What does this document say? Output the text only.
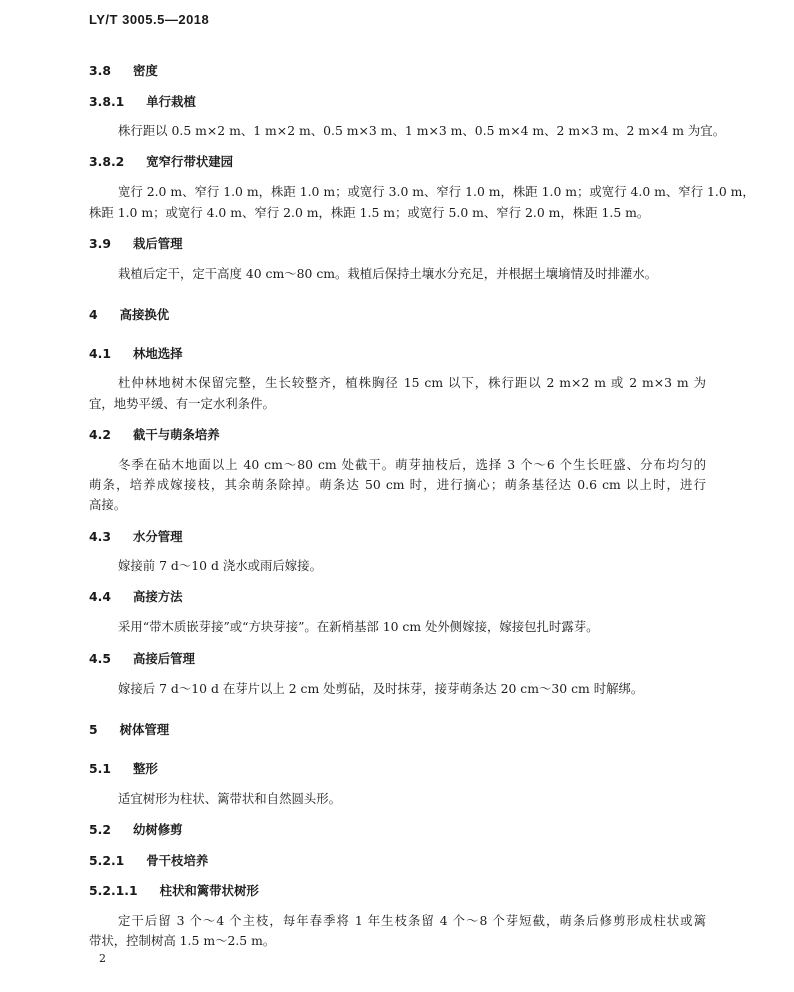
LY/T 3005.5—2018
3.8 密度
3.8.1 单行栽植
株行距以 0.5 m×2 m、1 m×2 m、0.5 m×3 m、1 m×3 m、0.5 m×4 m、2 m×3 m、2 m×4 m 为宜。
3.8.2 宽窄行带状建园
宽行 2.0 m、窄行 1.0 m，株距 1.0 m；或宽行 3.0 m、窄行 1.0 m，株距 1.0 m；或宽行 4.0 m、窄行 1.0 m，
株距 1.0 m；或宽行 4.0 m、窄行 2.0 m，株距 1.5 m；或宽行 5.0 m、窄行 2.0 m，株距 1.5 m。
3.9 栽后管理
栽植后定干，定干高度 40 cm～80 cm。栽植后保持土壤水分充足，并根据土壤墒情及时排灌水。
4 高接换优
4.1 林地选择
杜仲林地树木保留完整，生长较整齐，植株胸径 15 cm 以下，株行距以 2 m×2 m 或 2 m×3 m 为
宜，地势平缓、有一定水利条件。
4.2 截干与萌条培养
冬季在砧木地面以上 40 cm～80 cm 处截干。萌芽抽枝后，选择 3 个～6 个生长旺盛、分布均匀的
萌条，培养成嫁接枝，其余萌条除掉。萌条达 50 cm 时，进行摘心；萌条基径达 0.6 cm 以上时，进行
高接。
4.3 水分管理
嫁接前 7 d～10 d 浇水或雨后嫁接。
4.4 高接方法
采用“带木质嵌芽接”或“方块芽接”。在新梢基部 10 cm 处外侧嫁接，嫁接包扎时露芽。
4.5 高接后管理
嫁接后 7 d～10 d 在芽片以上 2 cm 处剪砧，及时抹芽，接芽萌条达 20 cm～30 cm 时解绑。
5 树体管理
5.1 整形
适宜树形为柱状、篱带状和自然圆头形。
5.2 幼树修剪
5.2.1 骨干枝培养
5.2.1.1 柱状和篱带状树形
定干后留 3 个～4 个主枝，每年春季将 1 年生枝条留 4 个～8 个芽短截，萌条后修剪形成柱状或篱
带状，控制树高 1.5 m～2.5 m。
2
